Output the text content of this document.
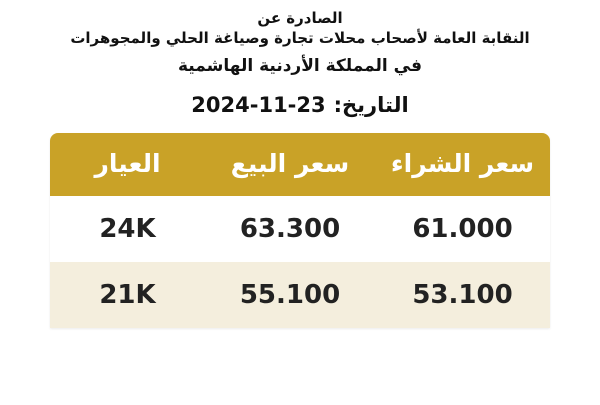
الصادرة عن
النقابة العامة لأصحاب محلات تجارة وصياغة الحلي والمجوهرات
في المملكة الأردنية الهاشمية
التاريخ:2024-11-23
سعر الشراء	سعر البيع	العيار
61.000	63.300	24K
53.100	55.100	21K
